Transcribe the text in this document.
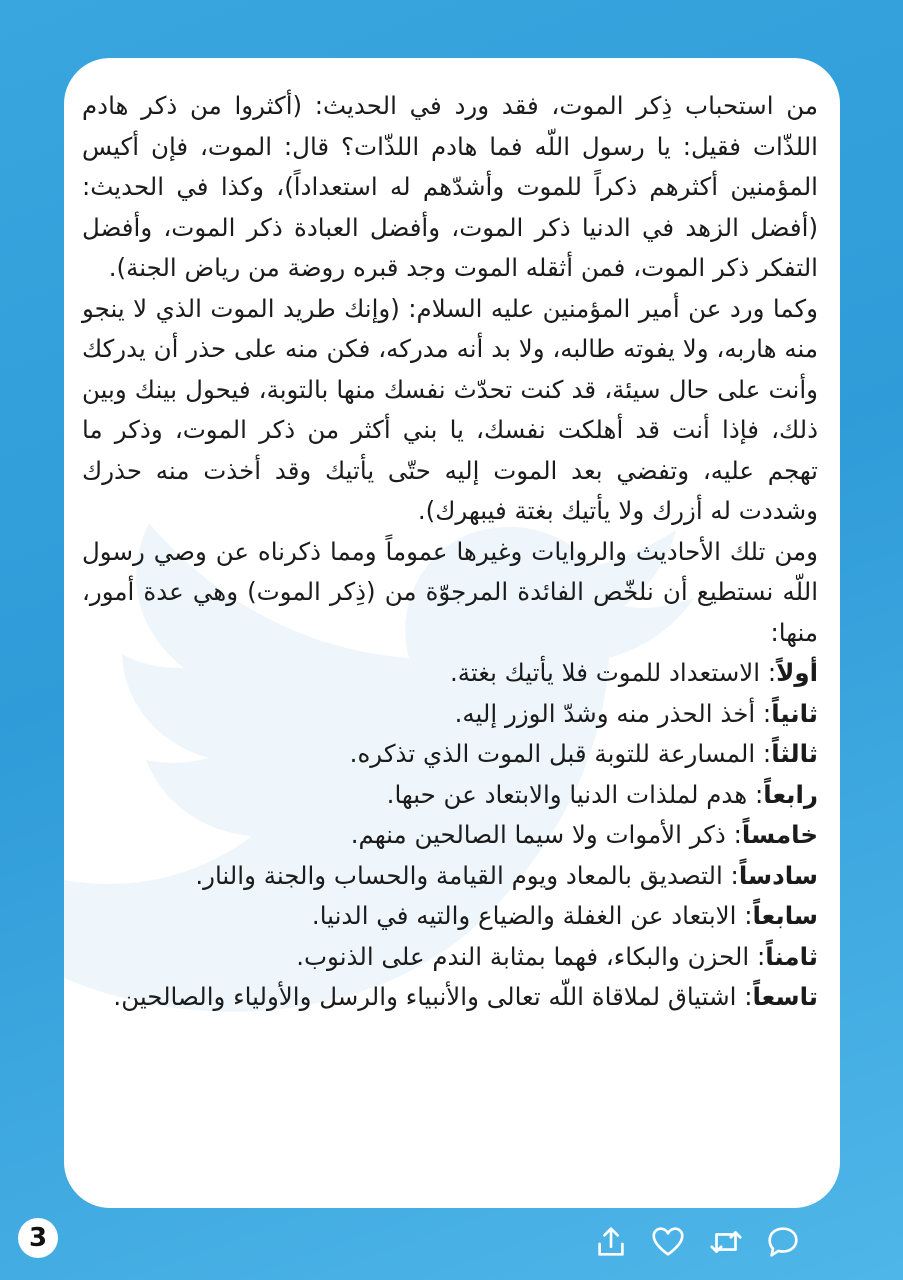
من استحباب ذِكر الموت، فقد ورد في الحديث: (أكثروا من ذكر هادم اللذّات فقيل: يا رسول اللّه فما هادم اللذّات؟ قال: الموت، فإن أكيس المؤمنين أكثرهم ذكراً للموت وأشدّهم له استعداداً)، وكذا في الحديث: (أفضل الزهد في الدنيا ذكر الموت، وأفضل العبادة ذكر الموت، وأفضل التفكر ذكر الموت، فمن أثقله الموت وجد قبره روضة من رياض الجنة).

وكما ورد عن أمير المؤمنين عليه السلام: (وإنك طريد الموت الذي لا ينجو منه هاربه، ولا يفوته طالبه، ولا بد أنه مدركه، فكن منه على حذر أن يدركك وأنت على حال سيئة، قد كنت تحدّث نفسك منها بالتوبة، فيحول بينك وبين ذلك، فإذا أنت قد أهلكت نفسك، يا بني أكثر من ذكر الموت، وذكر ما تهجم عليه، وتفضي بعد الموت إليه حتّى يأتيك وقد أخذت منه حذرك وشددت له أزرك ولا يأتيك بغتة فيبهرك).

ومن تلك الأحاديث والروايات وغيرها عموماً ومما ذكرناه عن وصي رسول اللّه نستطيع أن نلخّص الفائدة المرجوّة من (ذِكر الموت) وهي عدة أمور، منها:

أولاً: الاستعداد للموت فلا يأتيك بغتة.

ثانياً: أخذ الحذر منه وشدّ الوزر إليه.

ثالثاً: المسارعة للتوبة قبل الموت الذي تذكره.

رابعاً: هدم لملذات الدنيا والابتعاد عن حبها.

خامساً: ذكر الأموات ولا سيما الصالحين منهم.

سادساً: التصديق بالمعاد ويوم القيامة والحساب والجنة والنار.

سابعاً: الابتعاد عن الغفلة والضياع والتيه في الدنيا.

ثامناً: الحزن والبكاء، فهما بمثابة الندم على الذنوب.

تاسعاً: اشتياق لملاقاة اللّه تعالى والأنبياء والرسل والأولياء والصالحين.

3
